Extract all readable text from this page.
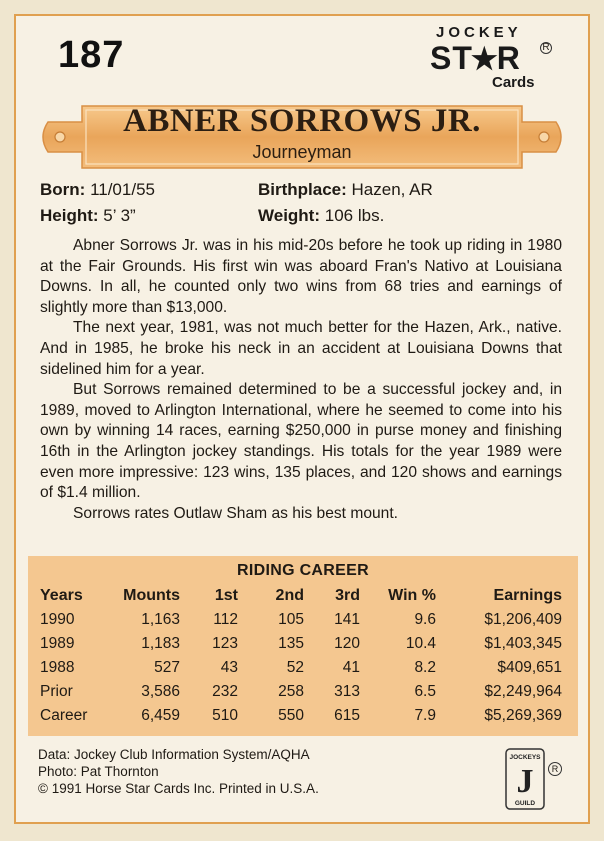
187
JOCKEY
ST★R R
Cards
ABNER SORROWS JR.
Journeyman
Born: 11/01/55	Birthplace: Hazen, AR
Height: 5’ 3”	Weight: 106 lbs.

Abner Sorrows Jr. was in his mid-20s before he took up riding in 1980 at the Fair Grounds. His first win was aboard Fran's Nativo at Louisiana Downs. In all, he counted only two wins from 68 tries and earnings of slightly more than $13,000.

The next year, 1981, was not much better for the Hazen, Ark., native. And in 1985, he broke his neck in an accident at Louisiana Downs that sidelined him for a year.

But Sorrows remained determined to be a successful jockey and, in 1989, moved to Arlington International, where he seemed to come into his own by winning 14 races, earning $250,000 in purse money and finishing 16th in the Arlington jockey standings. His totals for the year 1989 were even more impressive: 123 wins, 135 places, and 120 shows and earnings of $1.4 million.

Sorrows rates Outlaw Sham as his best mount.

RIDING CAREER
Years	Mounts	1st	2nd	3rd	Win %	Earnings
1990	1,163	112	105	141	9.6	$1,206,409
1989	1,183	123	135	120	10.4	$1,403,345
1988	527	43	52	41	8.2	$409,651
Prior	3,586	232	258	313	6.5	$2,249,964
Career	6,459	510	550	615	7.9	$5,269,369
Data: Jockey Club Information System/AQHA
Photo: Pat Thornton
© 1991 Horse Star Cards Inc. Printed in U.S.A.
JOCKEYS
J
GUILD
R
